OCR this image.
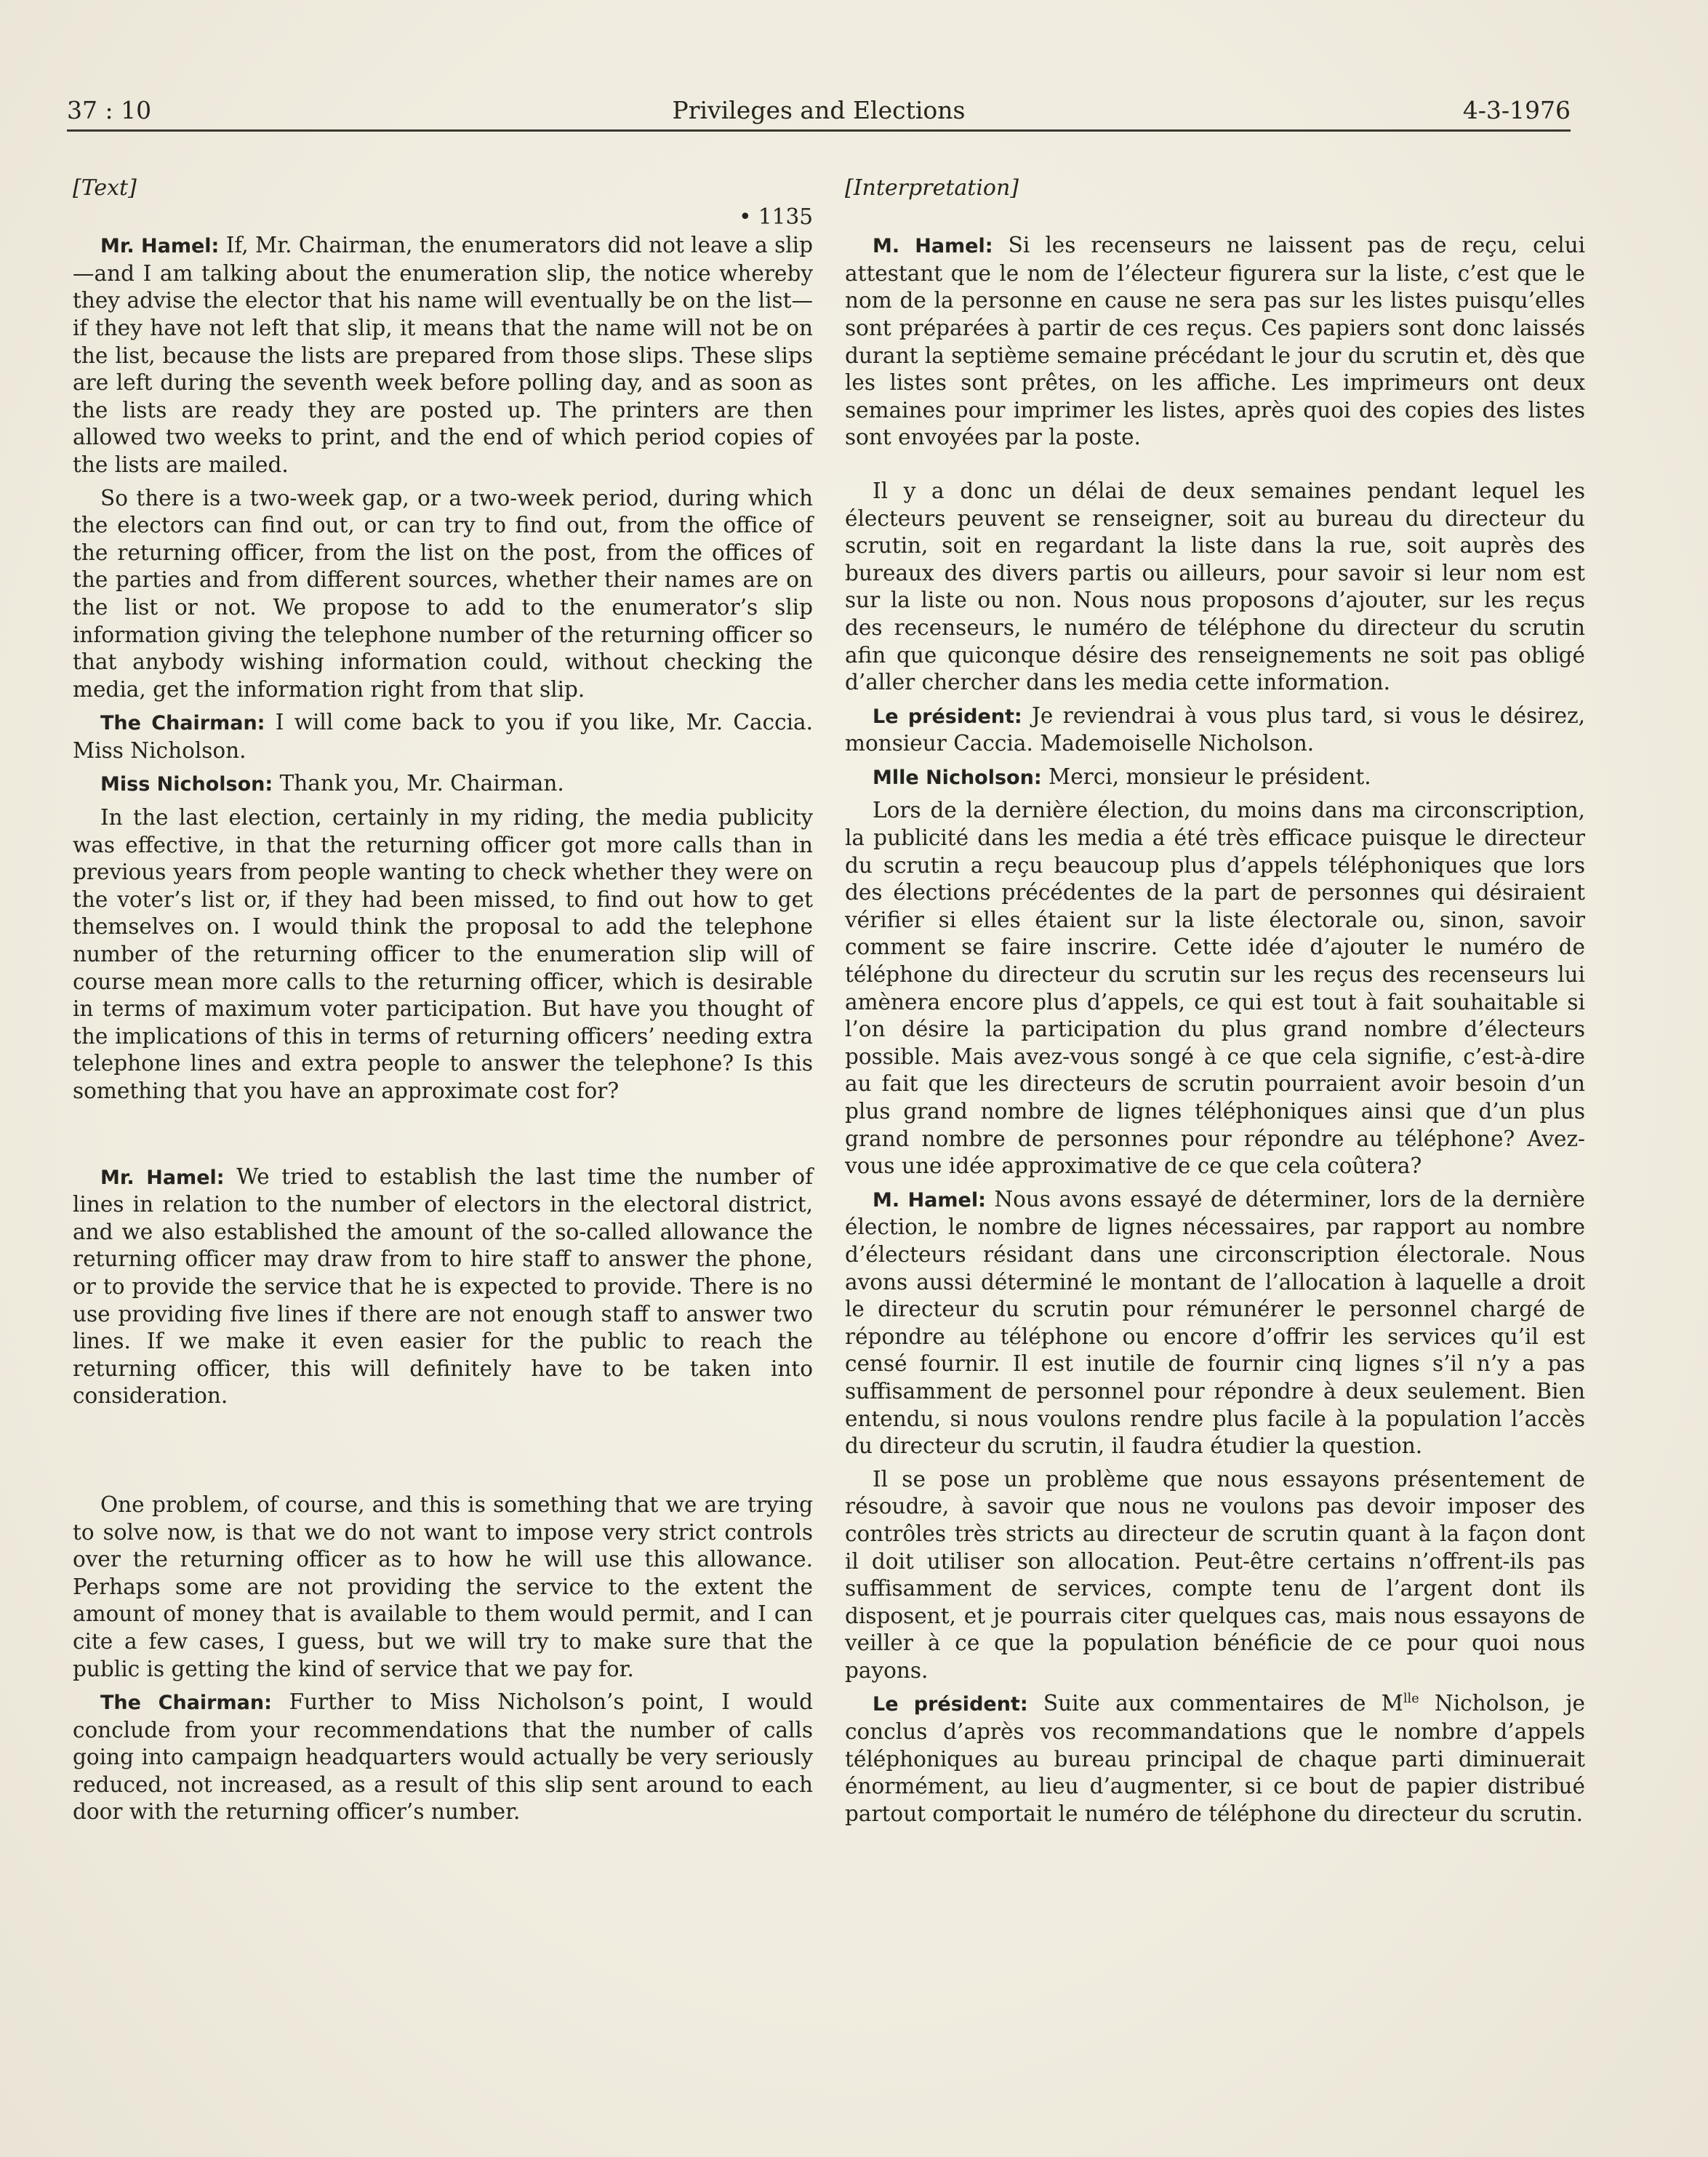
37 : 10	Privileges and Elections	4-3-1976

[Text]

• 1135

Mr. Hamel: If, Mr. Chairman, the enumerators did not leave a slip—and I am talking about the enumeration slip, the notice whereby they advise the elector that his name will eventually be on the list—if they have not left that slip, it means that the name will not be on the list, because the lists are prepared from those slips. These slips are left during the seventh week before polling day, and as soon as the lists are ready they are posted up. The printers are then allowed two weeks to print, and the end of which period copies of the lists are mailed.

So there is a two-week gap, or a two-week period, during which the electors can find out, or can try to find out, from the office of the returning officer, from the list on the post, from the offices of the parties and from different sources, whether their names are on the list or not. We propose to add to the enumerator’s slip information giving the telephone number of the returning officer so that anybody wishing information could, without checking the media, get the information right from that slip.

The Chairman: I will come back to you if you like, Mr. Caccia. Miss Nicholson.

Miss Nicholson: Thank you, Mr. Chairman.

In the last election, certainly in my riding, the media publicity was effective, in that the returning officer got more calls than in previous years from people wanting to check whether they were on the voter’s list or, if they had been missed, to find out how to get themselves on. I would think the proposal to add the telephone number of the returning officer to the enumeration slip will of course mean more calls to the returning officer, which is desirable in terms of maximum voter participation. But have you thought of the implications of this in terms of returning officers’ needing extra telephone lines and extra people to answer the telephone? Is this something that you have an approximate cost for?

Mr. Hamel: We tried to establish the last time the number of lines in relation to the number of electors in the electoral district, and we also established the amount of the so-called allowance the returning officer may draw from to hire staff to answer the phone, or to provide the service that he is expected to provide. There is no use providing five lines if there are not enough staff to answer two lines. If we make it even easier for the public to reach the returning officer, this will definitely have to be taken into consideration.

One problem, of course, and this is something that we are trying to solve now, is that we do not want to impose very strict controls over the returning officer as to how he will use this allowance. Perhaps some are not providing the service to the extent the amount of money that is available to them would permit, and I can cite a few cases, I guess, but we will try to make sure that the public is getting the kind of service that we pay for.

The Chairman: Further to Miss Nicholson’s point, I would conclude from your recommendations that the number of calls going into campaign headquarters would actually be very seriously reduced, not increased, as a result of this slip sent around to each door with the returning officer’s number.

[Interpretation]

M. Hamel: Si les recenseurs ne laissent pas de reçu, celui attestant que le nom de l’électeur figurera sur la liste, c’est que le nom de la personne en cause ne sera pas sur les listes puisqu’elles sont préparées à partir de ces reçus. Ces papiers sont donc laissés durant la septième semaine précédant le jour du scrutin et, dès que les listes sont prêtes, on les affiche. Les imprimeurs ont deux semaines pour imprimer les listes, après quoi des copies des listes sont envoyées par la poste.

Il y a donc un délai de deux semaines pendant lequel les électeurs peuvent se renseigner, soit au bureau du directeur du scrutin, soit en regardant la liste dans la rue, soit auprès des bureaux des divers partis ou ailleurs, pour savoir si leur nom est sur la liste ou non. Nous nous proposons d’ajouter, sur les reçus des recenseurs, le numéro de téléphone du directeur du scrutin afin que quiconque désire des renseignements ne soit pas obligé d’aller chercher dans les media cette information.

Le président: Je reviendrai à vous plus tard, si vous le désirez, monsieur Caccia. Mademoiselle Nicholson.

Mlle Nicholson: Merci, monsieur le président.

Lors de la dernière élection, du moins dans ma circonscription, la publicité dans les media a été très efficace puisque le directeur du scrutin a reçu beaucoup plus d’appels téléphoniques que lors des élections précédentes de la part de personnes qui désiraient vérifier si elles étaient sur la liste électorale ou, sinon, savoir comment se faire inscrire. Cette idée d’ajouter le numéro de téléphone du directeur du scrutin sur les reçus des recenseurs lui amènera encore plus d’appels, ce qui est tout à fait souhaitable si l’on désire la participation du plus grand nombre d’électeurs possible. Mais avez-vous songé à ce que cela signifie, c’est-à-dire au fait que les directeurs de scrutin pourraient avoir besoin d’un plus grand nombre de lignes téléphoniques ainsi que d’un plus grand nombre de personnes pour répondre au téléphone? Avez-vous une idée approximative de ce que cela coûtera?

M. Hamel: Nous avons essayé de déterminer, lors de la dernière élection, le nombre de lignes nécessaires, par rapport au nombre d’électeurs résidant dans une circonscription électorale. Nous avons aussi déterminé le montant de l’allocation à laquelle a droit le directeur du scrutin pour rémunérer le personnel chargé de répondre au téléphone ou encore d’offrir les services qu’il est censé fournir. Il est inutile de fournir cinq lignes s’il n’y a pas suffisamment de personnel pour répondre à deux seulement. Bien entendu, si nous voulons rendre plus facile à la population l’accès du directeur du scrutin, il faudra étudier la question.

Il se pose un problème que nous essayons présentement de résoudre, à savoir que nous ne voulons pas devoir imposer des contrôles très stricts au directeur de scrutin quant à la façon dont il doit utiliser son allocation. Peut-être certains n’offrent-ils pas suffisamment de services, compte tenu de l’argent dont ils disposent, et je pourrais citer quelques cas, mais nous essayons de veiller à ce que la population bénéficie de ce pour quoi nous payons.

Le président: Suite aux commentaires de $M^{lle}$ Nicholson, je conclus d’après vos recommandations que le nombre d’appels téléphoniques au bureau principal de chaque parti diminuerait énormément, au lieu d’augmenter, si ce bout de papier distribué partout comportait le numéro de téléphone du directeur du scrutin.
